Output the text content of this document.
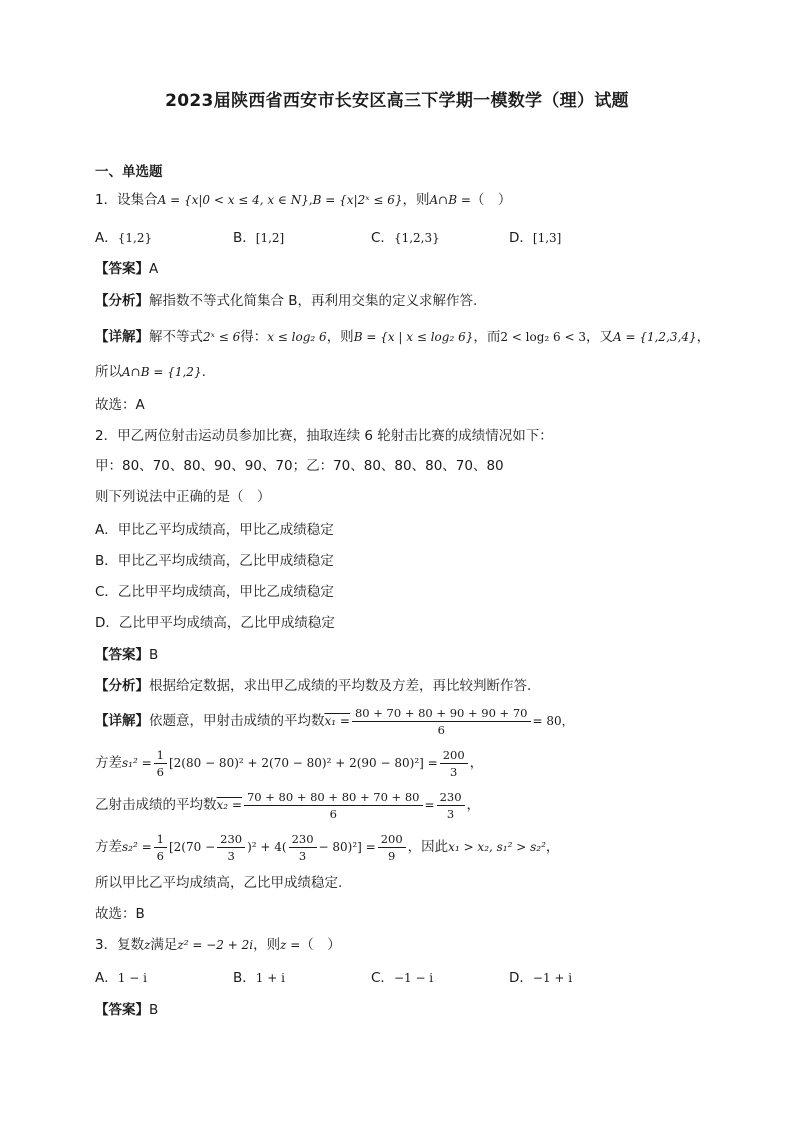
2023届陕西省西安市长安区高三下学期一模数学（理）试题
一、单选题
1．设集合A = {x|0 < x ≤ 4, x ∈ N},B = {x|2ˣ ≤ 6}，则A∩B =（　）
A．{1,2}	B．[1,2]	C．{1,2,3}	D．[1,3]
【答案】A
【分析】解指数不等式化简集合 B，再利用交集的定义求解作答.
【详解】解不等式2ˣ ≤ 6得：x ≤ log₂ 6，则B = {x | x ≤ log₂ 6}，而2 < log₂ 6 < 3，又A = {1,2,3,4}，
所以A∩B = {1,2}.
故选：A
2．甲乙两位射击运动员参加比赛，抽取连续 6 轮射击比赛的成绩情况如下：
甲：80、70、80、90、90、70；乙：70、80、80、80、70、80
则下列说法中正确的是（　）
A．甲比乙平均成绩高，甲比乙成绩稳定
B．甲比乙平均成绩高，乙比甲成绩稳定
C．乙比甲平均成绩高，甲比乙成绩稳定
D．乙比甲平均成绩高，乙比甲成绩稳定
【答案】B
【分析】根据给定数据，求出甲乙成绩的平均数及方差，再比较判断作答.
【详解】依题意，甲射击成绩的平均数$x_1 = \frac{80 + 70 + 80 + 90 + 90 + 70}{6} = 80$，
方差$s_1^2 = \frac{1}{6} [2(80 - 80)^2 + 2(70 - 80)^2 + 2(90 - 80)^2] = \frac{200}{3}$ ，
乙射击成绩的平均数$x_2 = \frac{70 + 80 + 80 + 80 + 70 + 80}{6} = \frac{230}{3}$ ，
方差$s_2^2 = \frac{1}{6} [2(70 - \frac{230}{3} )^2 + 4( \frac{230}{3} - 80)^2] = \frac{200}{9}$ ，因此x₁ > x₂, s₁² > s₂²，
所以甲比乙平均成绩高，乙比甲成绩稳定.
故选：B
3．复数z满足z² = −2 + 2i，则z =（　）
A．1 − i	B．1 + i	C．−1 − i	D．−1 + i
【答案】B
